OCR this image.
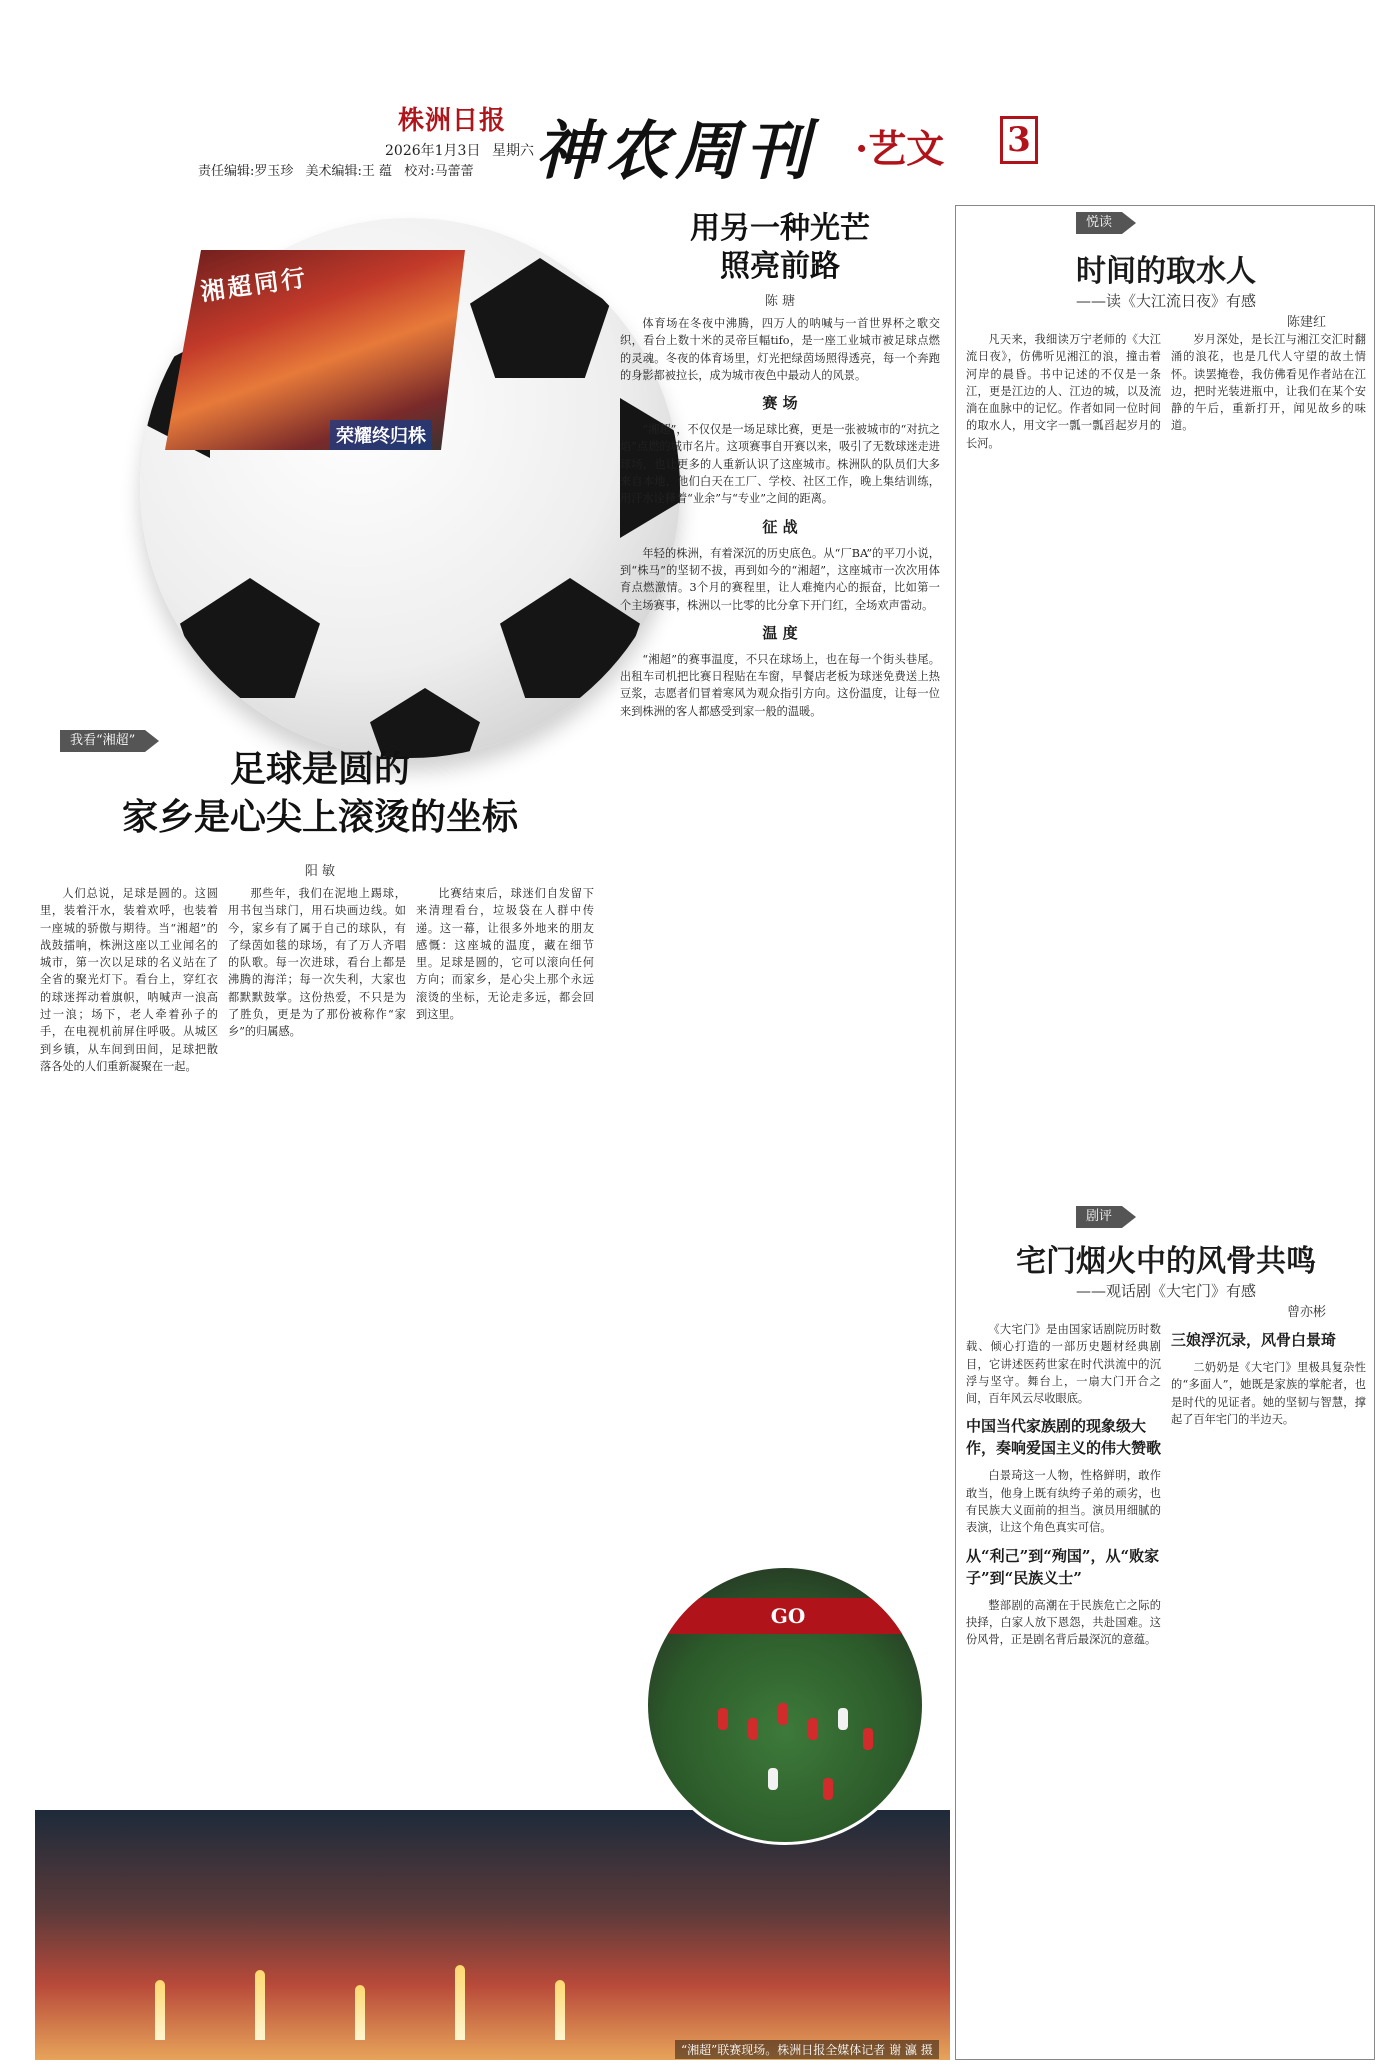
株洲日报
2026年1月3日 星期六
责任编辑:罗玉珍 美术编辑:王 蕴 校对:马蕾蕾 神农周刊 ·艺文 3
湘超同行
荣耀终归株
我看“湘超”
足球是圆的
家乡是心尖上滚烫的坐标
阳 敏
人们总说，足球是圆的。这圆里，装着汗水，装着欢呼，也装着一座城的骄傲与期待。当“湘超”的战鼓擂响，株洲这座以工业闻名的城市，第一次以足球的名义站在了全省的聚光灯下。看台上，穿红衣的球迷挥动着旗帜，呐喊声一浪高过一浪；场下，老人牵着孙子的手，在电视机前屏住呼吸。从城区到乡镇，从车间到田间，足球把散落各处的人们重新凝聚在一起。
那些年，我们在泥地上踢球，用书包当球门，用石块画边线。如今，家乡有了属于自己的球队，有了绿茵如毯的球场，有了万人齐唱的队歌。每一次进球，看台上都是沸腾的海洋；每一次失利，大家也都默默鼓掌。这份热爱，不只是为了胜负，更是为了那份被称作“家乡”的归属感。
比赛结束后，球迷们自发留下来清理看台，垃圾袋在人群中传递。这一幕，让很多外地来的朋友感慨：这座城的温度，藏在细节里。足球是圆的，它可以滚向任何方向；而家乡，是心尖上那个永远滚烫的坐标，无论走多远，都会回到这里。
用另一种光芒
照亮前路
陈 瑭
体育场在冬夜中沸腾，四万人的呐喊与一首世界杯之歌交织，看台上数十米的灵帝巨幅tifo，是一座工业城市被足球点燃的灵魂。冬夜的体育场里，灯光把绿茵场照得透亮，每一个奔跑的身影都被拉长，成为城市夜色中最动人的风景。
赛 场
“湘超”，不仅仅是一场足球比赛，更是一张被城市的“对抗之焰”点燃的城市名片。这项赛事自开赛以来，吸引了无数球迷走进球场，也让更多的人重新认识了这座城市。株洲队的队员们大多来自本地，他们白天在工厂、学校、社区工作，晚上集结训练，用汗水诠释着“业余”与“专业”之间的距离。
征 战
年轻的株洲，有着深沉的历史底色。从“厂BA”的平刀小说，到“株马”的坚韧不拔，再到如今的“湘超”，这座城市一次次用体育点燃激情。3个月的赛程里，让人难掩内心的振奋，比如第一个主场赛事，株洲以一比零的比分拿下开门红，全场欢声雷动。
温 度
“湘超”的赛事温度，不只在球场上，也在每一个街头巷尾。出租车司机把比赛日程贴在车窗，早餐店老板为球迷免费送上热豆浆，志愿者们冒着寒风为观众指引方向。这份温度，让每一位来到株洲的客人都感受到家一般的温暖。
悦读
时间的取水人
——读《大江流日夜》有感
陈建红
凡天来，我细读万宁老师的《大江流日夜》，仿佛听见湘江的浪，撞击着河岸的晨昏。书中记述的不仅是一条江，更是江边的人、江边的城，以及流淌在血脉中的记忆。作者如同一位时间的取水人，用文字一瓢一瓢舀起岁月的长河。
岁月深处，是长江与湘江交汇时翻涌的浪花，也是几代人守望的故土情怀。读罢掩卷，我仿佛看见作者站在江边，把时光装进瓶中，让我们在某个安静的午后，重新打开，闻见故乡的味道。
剧评
宅门烟火中的风骨共鸣
——观话剧《大宅门》有感
曾亦彬
《大宅门》是由国家话剧院历时数载、倾心打造的一部历史题材经典剧目，它讲述医药世家在时代洪流中的沉浮与坚守。舞台上，一扇大门开合之间，百年风云尽收眼底。
中国当代家族剧的现象级大作，奏响爱国主义的伟大赞歌
白景琦这一人物，性格鲜明，敢作敢当，他身上既有纨绔子弟的顽劣，也有民族大义面前的担当。演员用细腻的表演，让这个角色真实可信。
从“利己”到“殉国”，从“败家子”到“民族义士”
整部剧的高潮在于民族危亡之际的抉择，白家人放下恩怨，共赴国难。这份风骨，正是剧名背后最深沉的意蕴。
三娘浮沉录，风骨白景琦
二奶奶是《大宅门》里极具复杂性的“多面人”，她既是家族的掌舵者，也是时代的见证者。她的坚韧与智慧，撑起了百年宅门的半边天。
GO
“湘超”联赛现场。株洲日报全媒体记者 谢 瀛 摄
